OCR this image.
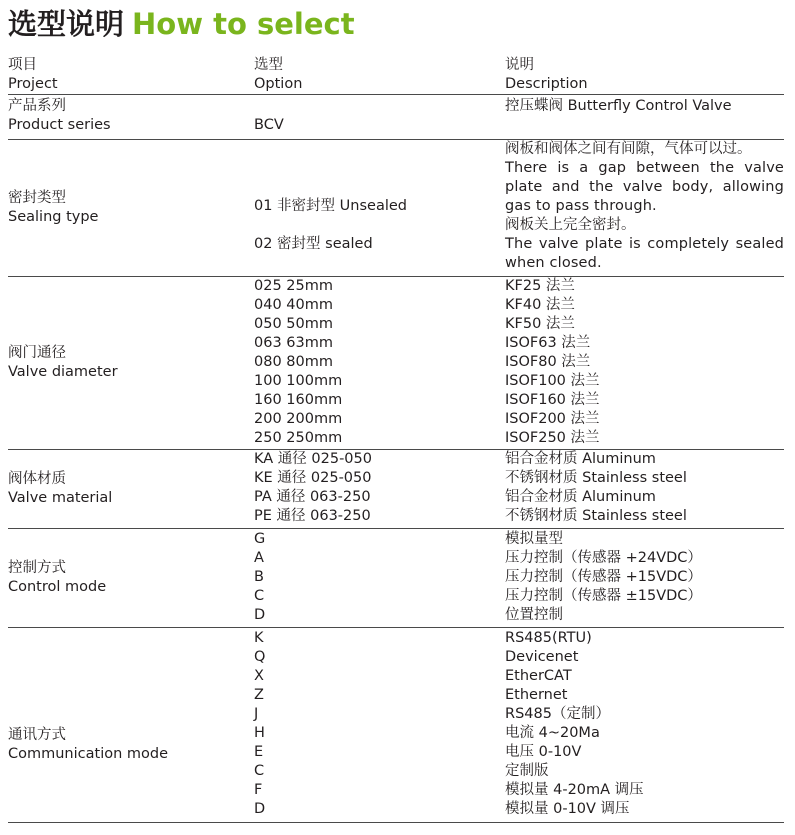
选型说明 How to select
项目
Project
选型
Option
说明
Description
产品系列
Product series	BCV
控压蝶阀 Butterfly Control Valve
密封类型
Sealing type
01 非密封型 Unsealed
02 密封型 sealed
阀板和阀体之间有间隙，气体可以过。
There is a gap between the valve plate and the valve body, allowing gas to pass through.
阀板关上完全密封。
The valve plate is completely sealed when closed.
阀门通径
Valve diameter
025 25mm
040 40mm
050 50mm
063 63mm
080 80mm
100 100mm
160 160mm
200 200mm
250 250mm
KF25 法兰
KF40 法兰
KF50 法兰
ISOF63 法兰
ISOF80 法兰
ISOF100 法兰
ISOF160 法兰
ISOF200 法兰
ISOF250 法兰
阀体材质
Valve material
KA 通径 025-050
KE 通径 025-050
PA 通径 063-250
PE 通径 063-250
铝合金材质 Aluminum
不锈钢材质 Stainless steel
铝合金材质 Aluminum
不锈钢材质 Stainless steel
控制方式
Control mode
G
A
B
C
D
模拟量型
压力控制（传感器 +24VDC）
压力控制（传感器 +15VDC）
压力控制（传感器 ±15VDC）
位置控制
通讯方式
Communication mode
K
Q
X
Z
J
H
E
C
F
D
RS485(RTU)
Devicenet
EtherCAT
Ethernet
RS485（定制）
电流 4~20Ma
电压 0-10V
定制版
模拟量 4-20mA 调压
模拟量 0-10V 调压
